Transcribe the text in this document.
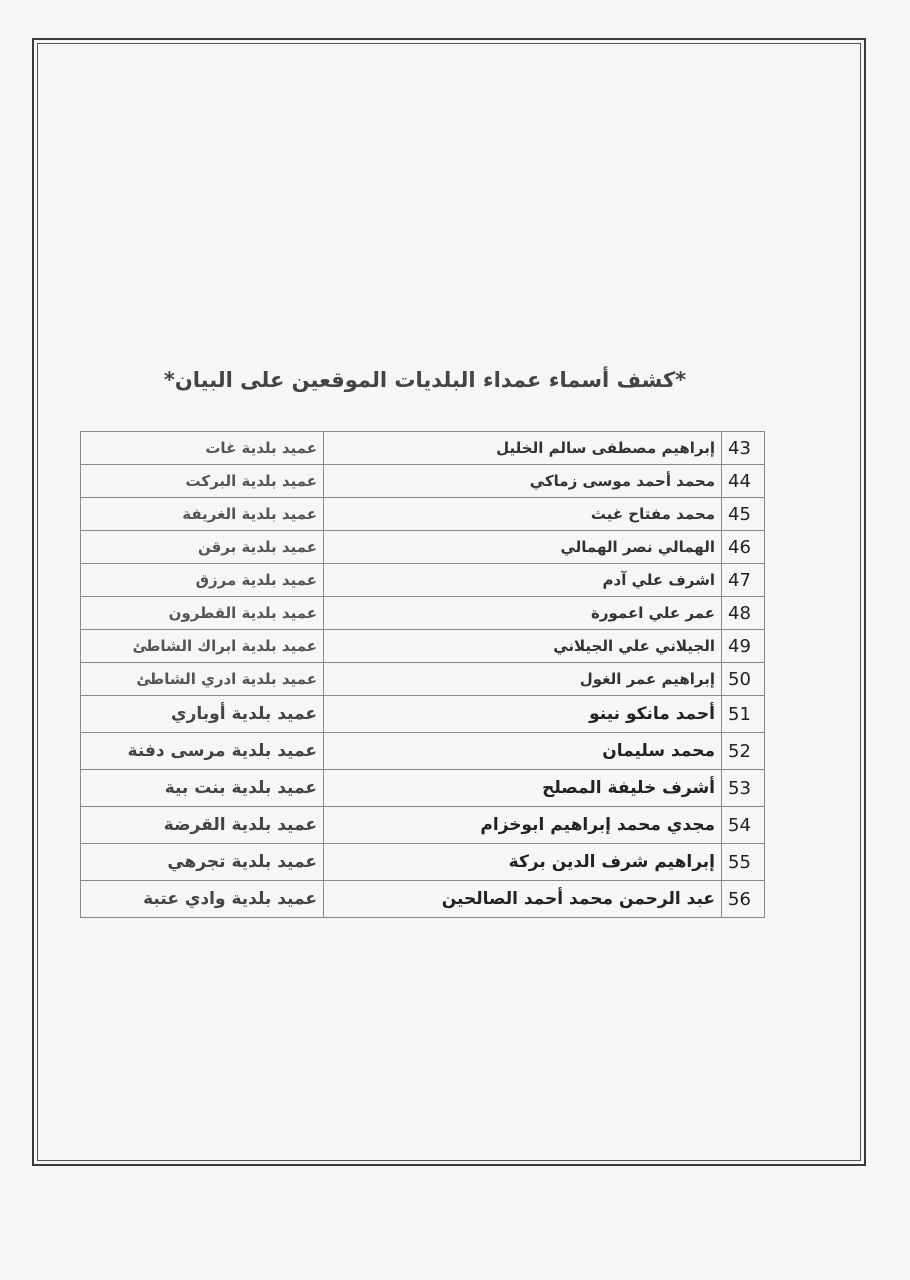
*كشف أسماء عمداء البلديات الموقعين على البيان*
43	إبراهيم مصطفى سالم الخليل	عميد بلدية غات
44	محمد أحمد موسى زماكي	عميد بلدية البركت
45	محمد مفتاح غيث	عميد بلدية الغريفة
46	الهمالي نصر الهمالي	عميد بلدية برقن
47	اشرف علي آدم	عميد بلدية مرزق
48	عمر علي اعمورة	عميد بلدية القطرون
49	الجيلاني علي الجيلاني	عميد بلدية ابراك الشاطئ
50	إبراهيم عمر الغول	عميد بلدية ادري الشاطئ
51	أحمد مانكو نينو	عميد بلدية أوباري
52	محمد سليمان	عميد بلدية مرسى دفنة
53	أشرف خليفة المصلح	عميد بلدية بنت بية
54	مجدي محمد إبراهيم ابوخزام	عميد بلدية القرضة
55	إبراهيم شرف الدين بركة	عميد بلدية تجرهي
56	عبد الرحمن محمد أحمد الصالحين	عميد بلدية وادي عتبة
